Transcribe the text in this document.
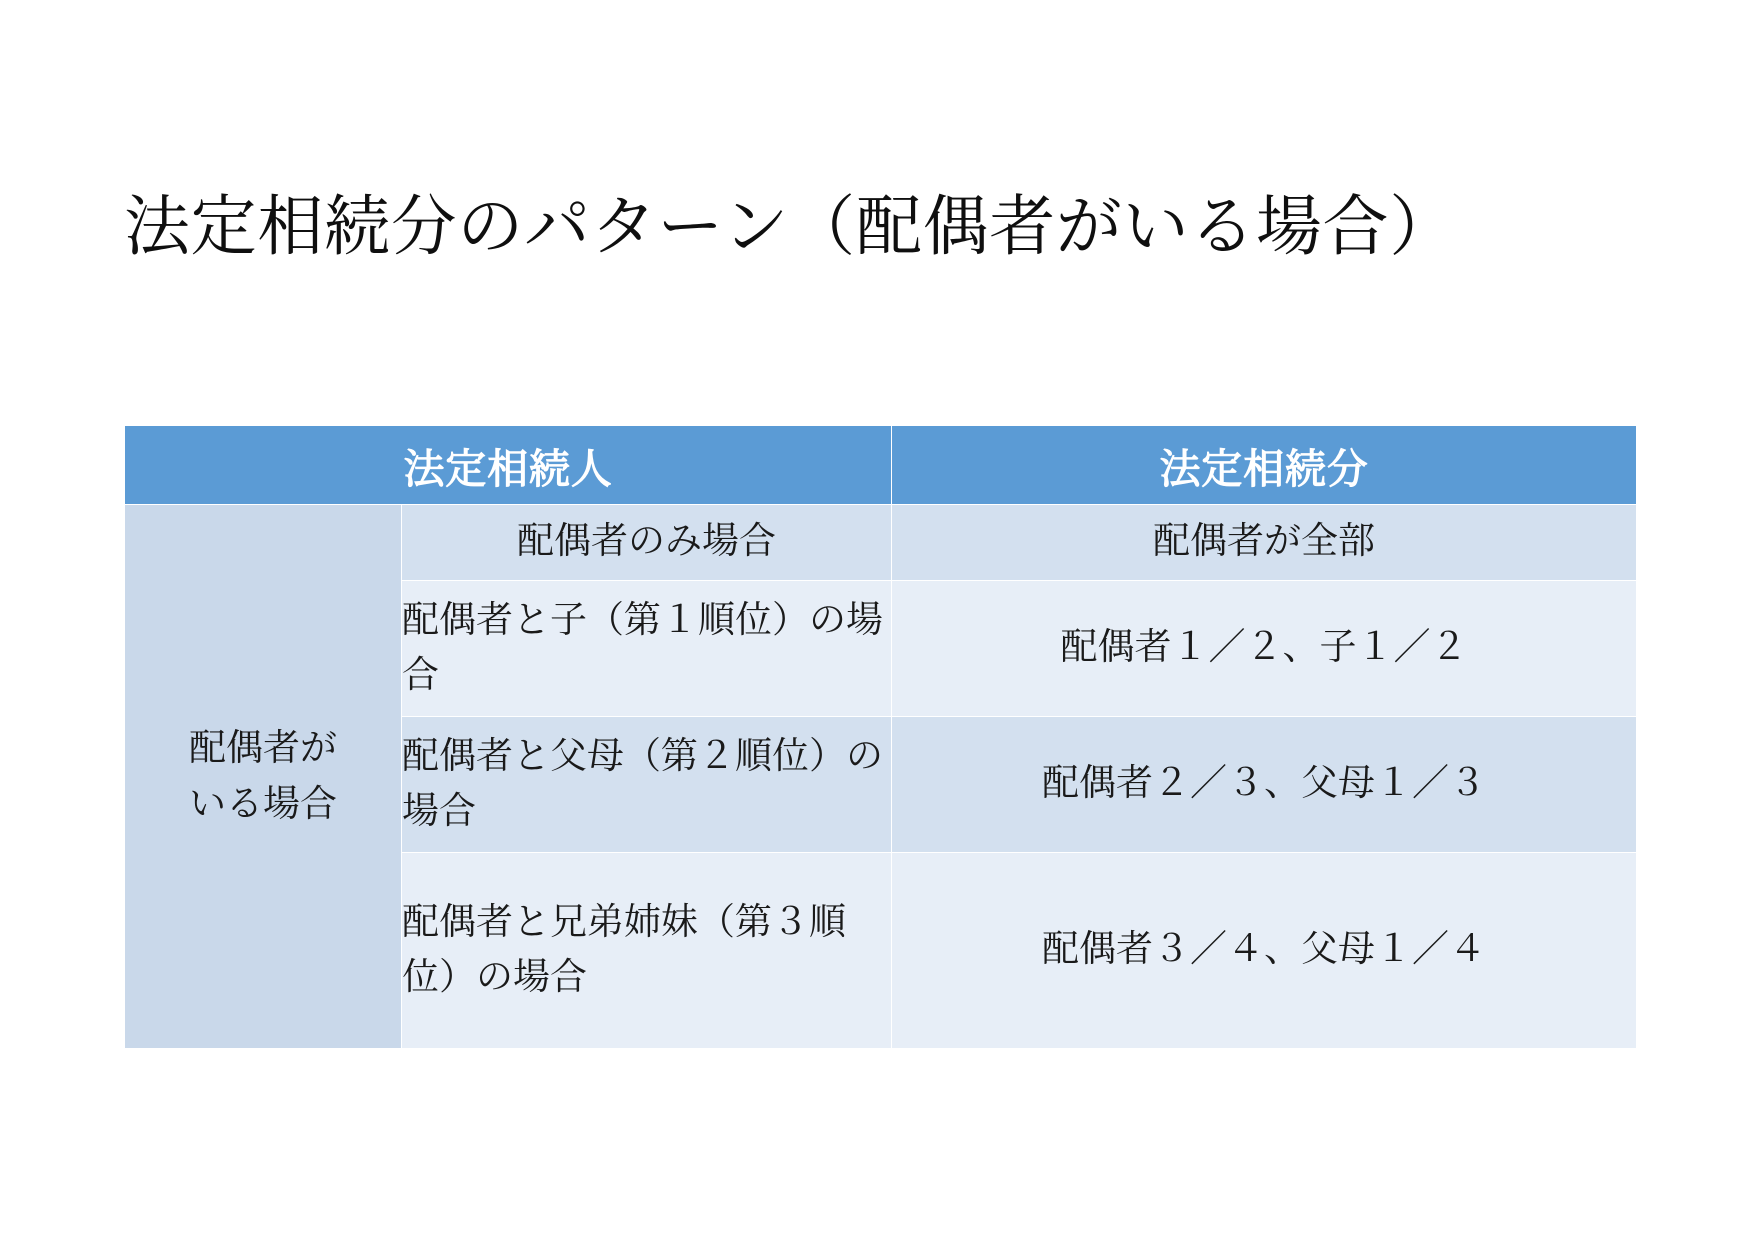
法定相続分のパターン（配偶者がいる場合）
法定相続人		法定相続分

配偶者が
いる場合	配偶者のみ場合	配偶者が全部
	配偶者と子（第１順位）の場合	配偶者１／２、子１／２
	配偶者と父母（第２順位）の場合	配偶者２／３、父母１／３
	配偶者と兄弟姉妹（第３順位）の場合	配偶者３／４、父母１／４
